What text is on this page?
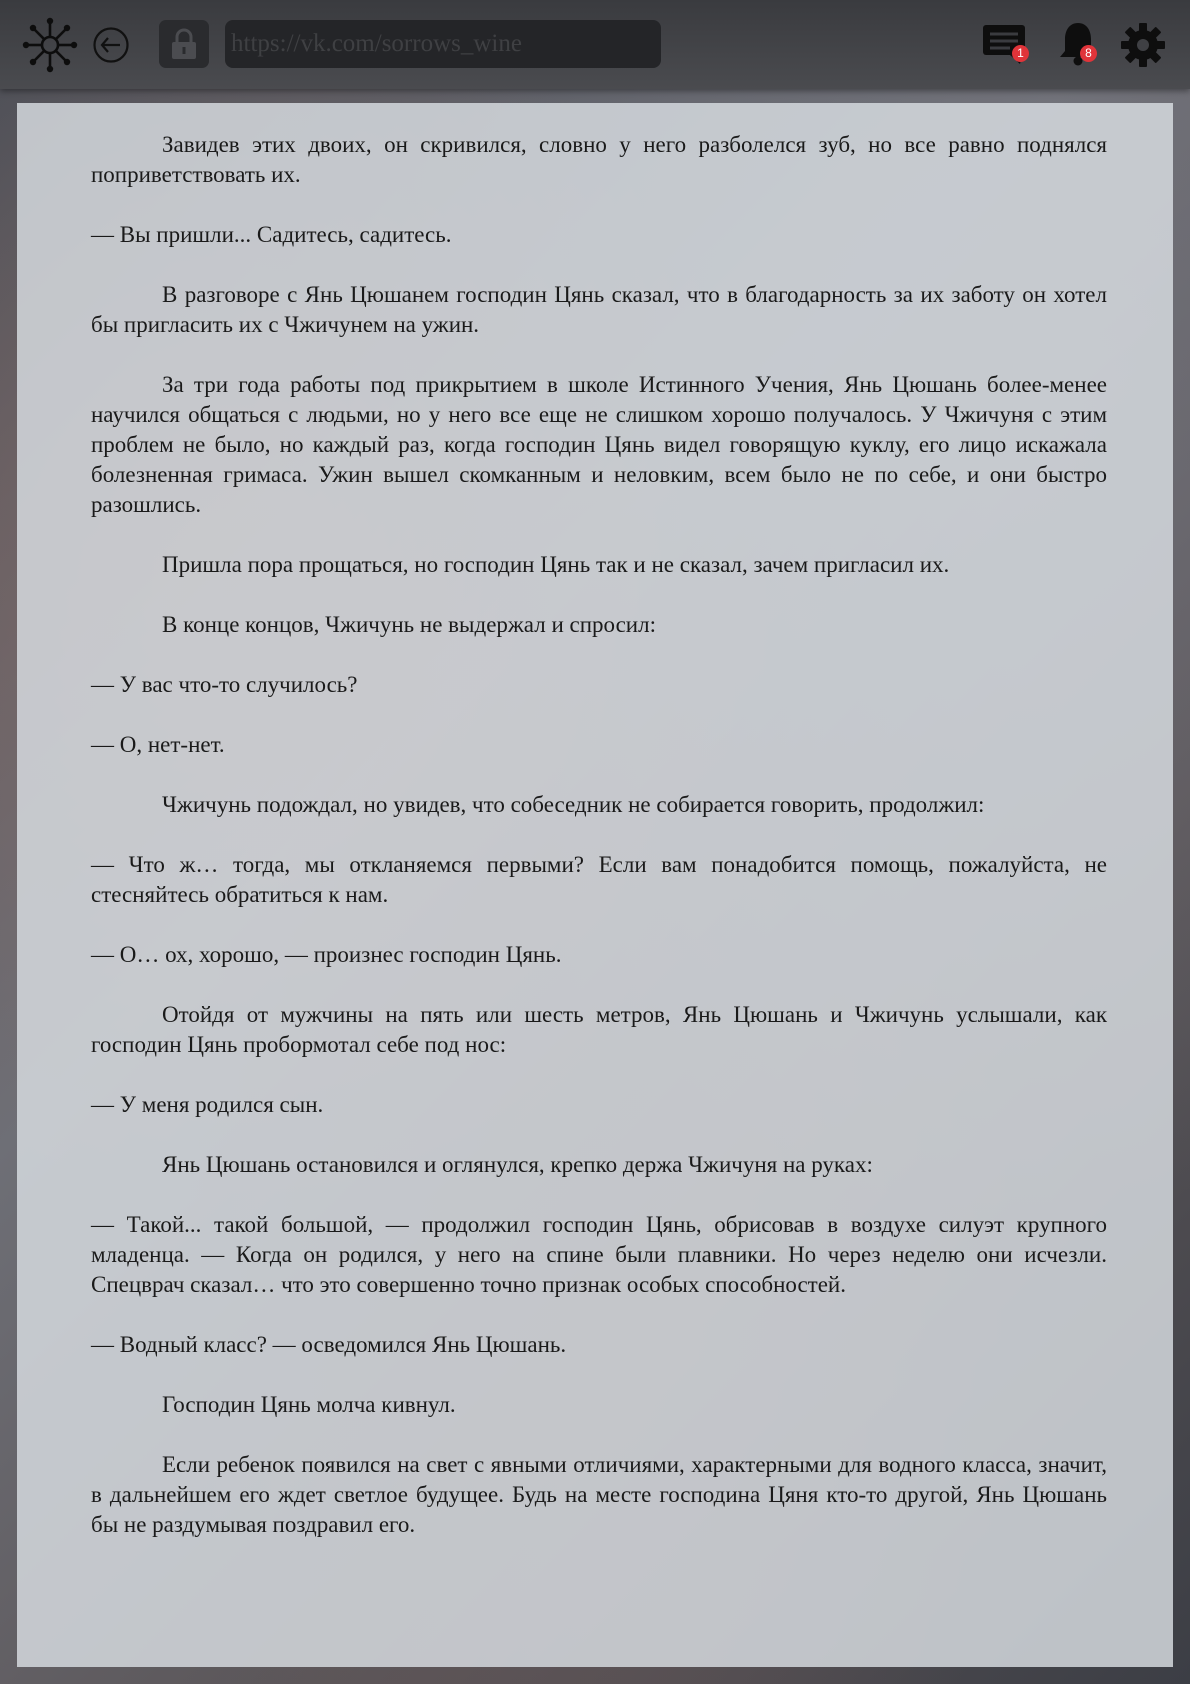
https://vk.com/sorrows_wine	1	8

Завидев этих двоих, он скривился, словно у него разболелся зуб, но все равно поднялся поприветствовать их.

— Вы пришли... Садитесь, садитесь.

В разговоре с Янь Цюшанем господин Цянь сказал, что в благодарность за их заботу он хотел бы пригласить их с Чжичунем на ужин.

За три года работы под прикрытием в школе Истинного Учения, Янь Цюшань более-менее научился общаться с людьми, но у него все еще не слишком хорошо получалось. У Чжичуня с этим проблем не было, но каждый раз, когда господин Цянь видел говорящую куклу, его лицо искажала болезненная гримаса. Ужин вышел скомканным и неловким, всем было не по себе, и они быстро разошлись.

Пришла пора прощаться, но господин Цянь так и не сказал, зачем пригласил их.

В конце концов, Чжичунь не выдержал и спросил:

— У вас что-то случилось?

— О, нет-нет.

Чжичунь подождал, но увидев, что собеседник не собирается говорить, продолжил:

— Что ж… тогда, мы откланяемся первыми? Если вам понадобится помощь, пожалуйста, не стесняйтесь обратиться к нам.

— О… ох, хорошо, — произнес господин Цянь.

Отойдя от мужчины на пять или шесть метров, Янь Цюшань и Чжичунь услышали, как господин Цянь пробормотал себе под нос:

— У меня родился сын.

Янь Цюшань остановился и оглянулся, крепко держа Чжичуня на руках:

— Такой... такой большой, — продолжил господин Цянь, обрисовав в воздухе силуэт крупного младенца. — Когда он родился, у него на спине были плавники. Но через неделю они исчезли. Спецврач сказал… что это совершенно точно признак особых способностей.

— Водный класс? — осведомился Янь Цюшань.

Господин Цянь молча кивнул.

Если ребенок появился на свет с явными отличиями, характерными для водного класса, значит, в дальнейшем его ждет светлое будущее. Будь на месте господина Цяня кто-то другой, Янь Цюшань бы не раздумывая поздравил его.
